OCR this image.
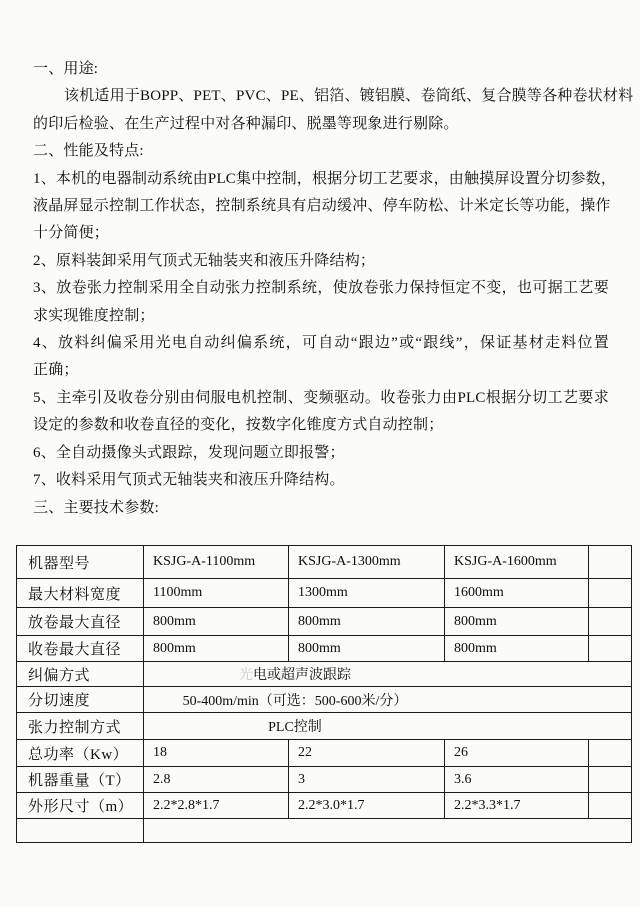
一、用途:
该机适用于BOPP、PET、PVC、PE、铝箔、镀铝膜、卷筒纸、复合膜等各种卷状材料
的印后检验、在生产过程中对各种漏印、脱墨等现象进行剔除。
二、性能及特点:
1、本机的电器制动系统由PLC集中控制，根据分切工艺要求，由触摸屏设置分切参数，
液晶屏显示控制工作状态，控制系统具有启动缓冲、停车防松、计米定长等功能，操作
十分简便；
2、原料装卸采用气顶式无轴装夹和液压升降结构；
3、放卷张力控制采用全自动张力控制系统，使放卷张力保持恒定不变，也可据工艺要
求实现锥度控制；
4、放料纠偏采用光电自动纠偏系统，可自动“跟边”或“跟线”，保证基材走料位置
正确；
5、主牵引及收卷分别由伺服电机控制、变频驱动。收卷张力由PLC根据分切工艺要求
设定的参数和收卷直径的变化，按数字化锥度方式自动控制；
6、全自动摄像头式跟踪，发现问题立即报警；
7、收料采用气顶式无轴装夹和液压升降结构。
三、主要技术参数:
机器型号	KSJG-A-1100mm	KSJG-A-1300mm	KSJG-A-1600mm	
最大材料宽度	1100mm	1300mm	1600mm	
放卷最大直径	800mm	800mm	800mm	
收卷最大直径	800mm	800mm	800mm	
纠偏方式	光电或超声波跟踪			

分切速度	50-400m/min（可选：500-600米/分）			

张力控制方式	PLC控制			

总功率（Kw）	18	22	26	
机器重量（T）	2.8	3	3.6	
外形尺寸（m）	2.2*2.8*1.7	2.2*3.0*1.7	2.2*3.3*1.7	
